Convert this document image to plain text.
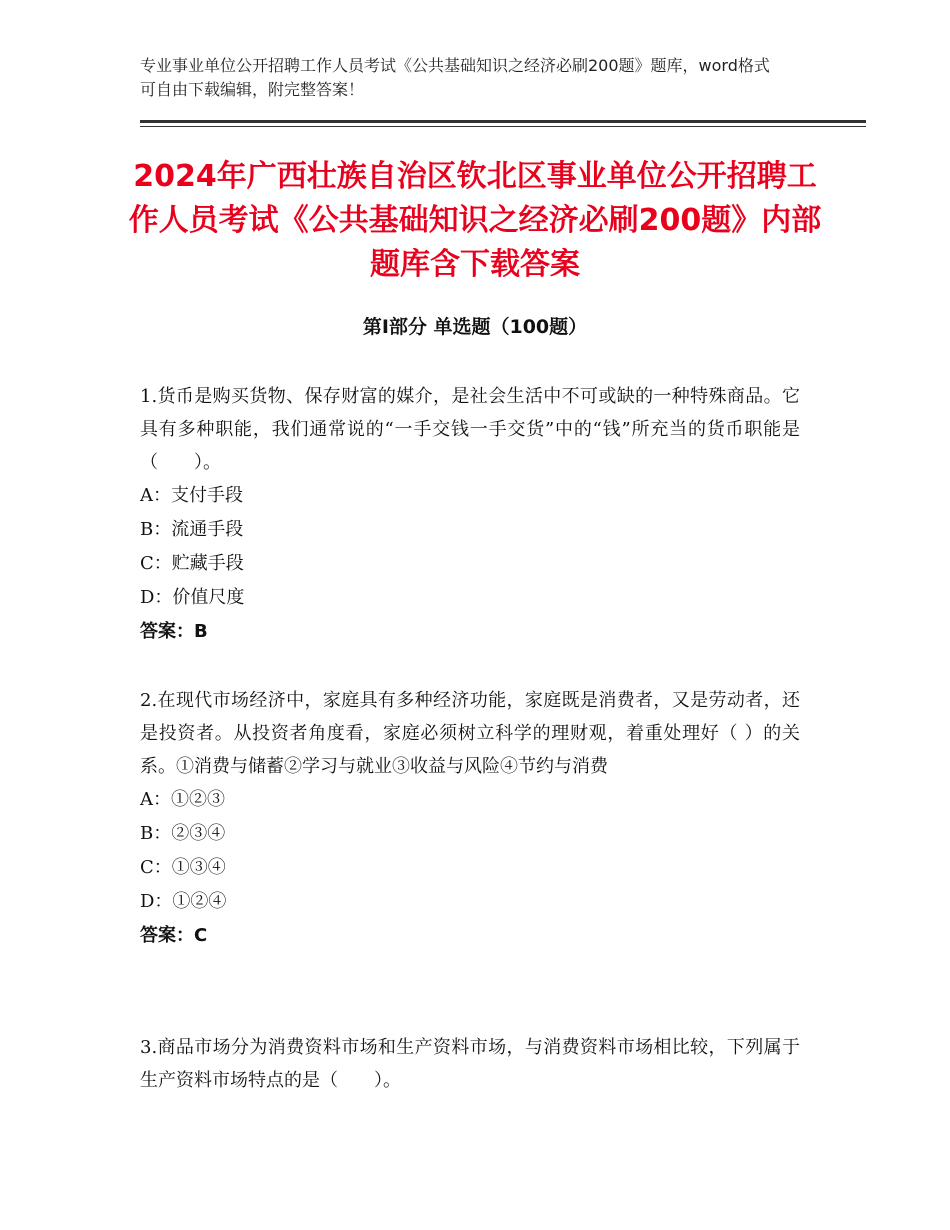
专业事业单位公开招聘工作人员考试《公共基础知识之经济必刷200题》题库，word格式可自由下载编辑，附完整答案！
2024年广西壮族自治区钦北区事业单位公开招聘工作人员考试《公共基础知识之经济必刷200题》内部题库含下载答案
第Ⅰ部分 单选题（100题）

1.货币是购买货物、保存财富的媒介，是社会生活中不可或缺的一种特殊商品。它具有多种职能，我们通常说的“一手交钱一手交货”中的“钱”所充当的货币职能是（　　）。

A：支付手段

B：流通手段

C：贮藏手段

D：价值尺度

答案：B

2.在现代市场经济中，家庭具有多种经济功能，家庭既是消费者，又是劳动者，还是投资者。从投资者角度看，家庭必须树立科学的理财观，着重处理好（ ）的关系。①消费与储蓄②学习与就业③收益与风险④节约与消费

A：①②③

B：②③④

C：①③④

D：①②④

答案：C

3.商品市场分为消费资料市场和生产资料市场，与消费资料市场相比较，下列属于生产资料市场特点的是（　　）。
